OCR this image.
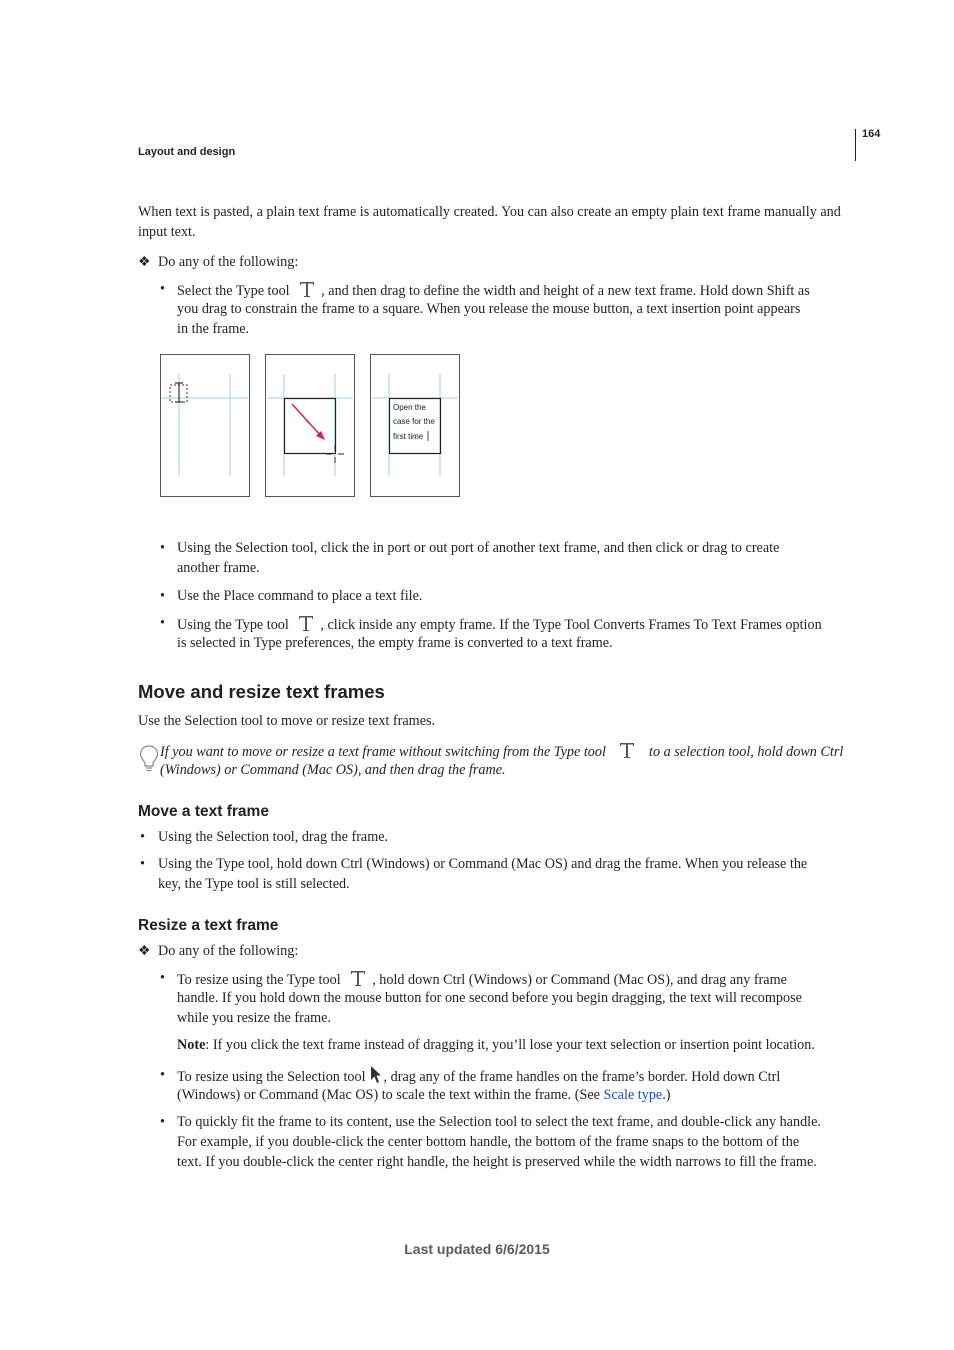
Layout and design
164
When text is pasted, a plain text frame is automatically created. You can also create an empty plain text frame manually and input text.
❖ Do any of the following:
• Select the Type tool , and then drag to define the width and height of a new text frame. Hold down Shift as
you drag to constrain the frame to a square. When you release the mouse button, a text insertion point appears
in the frame.
Open the
case for the
first time
• Using the Selection tool, click the in port or out port of another text frame, and then click or drag to create
another frame.
• Use the Place command to place a text file.
• Using the Type tool , click inside any empty frame. If the Type Tool Converts Frames To Text Frames option
is selected in Type preferences, the empty frame is converted to a text frame.
Move and resize text frames
Use the Selection tool to move or resize text frames.
If you want to move or resize a text frame without switching from the Type tool	to a selection tool, hold down Ctrl
(Windows) or Command (Mac OS), and then drag the frame.
Move a text frame
• Using the Selection tool, drag the frame.
• Using the Type tool, hold down Ctrl (Windows) or Command (Mac OS) and drag the frame. When you release the
key, the Type tool is still selected.
Resize a text frame
❖ Do any of the following:
• To resize using the Type tool , hold down Ctrl (Windows) or Command (Mac OS), and drag any frame
handle. If you hold down the mouse button for one second before you begin dragging, the text will recompose
while you resize the frame.
Note: If you click the text frame instead of dragging it, you’ll lose your text selection or insertion point location.
• To resize using the Selection tool , drag any of the frame handles on the frame’s border. Hold down Ctrl
(Windows) or Command (Mac OS) to scale the text within the frame. (See Scale type.)
• To quickly fit the frame to its content, use the Selection tool to select the text frame, and double-click any handle.
For example, if you double-click the center bottom handle, the bottom of the frame snaps to the bottom of the
text. If you double-click the center right handle, the height is preserved while the width narrows to fill the frame.
Last updated 6/6/2015
